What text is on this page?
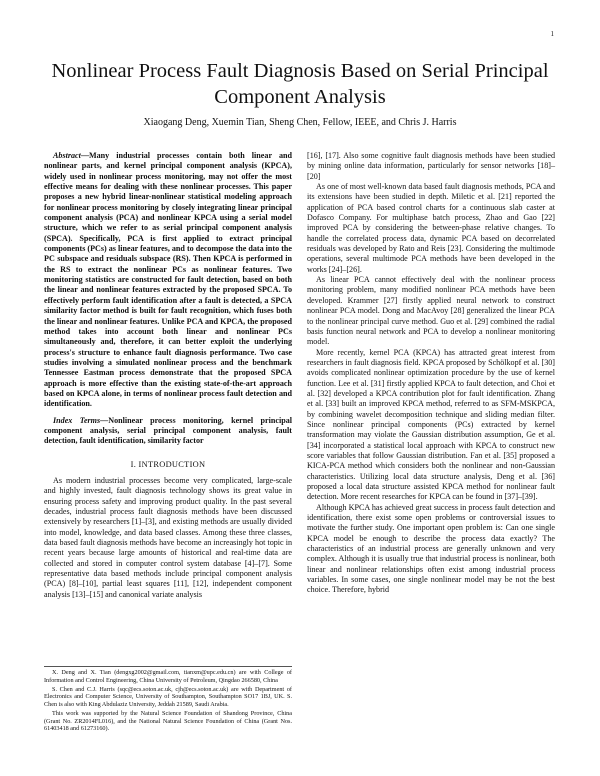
1
Nonlinear Process Fault Diagnosis Based on Serial Principal Component Analysis
Xiaogang Deng, Xuemin Tian, Sheng Chen, Fellow, IEEE, and Chris J. Harris

Abstract—Many industrial processes contain both linear and nonlinear parts, and kernel principal component analysis (KPCA), widely used in nonlinear process monitoring, may not offer the most effective means for dealing with these nonlinear processes. This paper proposes a new hybrid linear-nonlinear statistical modeling approach for nonlinear process monitoring by closely integrating linear principal component analysis (PCA) and nonlinear KPCA using a serial model structure, which we refer to as serial principal component analysis (SPCA). Specifically, PCA is first applied to extract principal components (PCs) as linear features, and to decompose the data into the PC subspace and residuals subspace (RS). Then KPCA is performed in the RS to extract the nonlinear PCs as nonlinear features. Two monitoring statistics are constructed for fault detection, based on both the linear and nonlinear features extracted by the proposed SPCA. To effectively perform fault identification after a fault is detected, a SPCA similarity factor method is built for fault recognition, which fuses both the linear and nonlinear features. Unlike PCA and KPCA, the proposed method takes into account both linear and nonlinear PCs simultaneously and, therefore, it can better exploit the underlying process's structure to enhance fault diagnosis performance. Two case studies involving a simulated nonlinear process and the benchmark Tennessee Eastman process demonstrate that the proposed SPCA approach is more effective than the existing state-of-the-art approach based on KPCA alone, in terms of nonlinear process fault detection and identification.

Index Terms—Nonlinear process monitoring, kernel principal component analysis, serial principal component analysis, fault detection, fault identification, similarity factor

I. INTRODUCTION

As modern industrial processes become very complicated, large-scale and highly invested, fault diagnosis technology shows its great value in ensuring process safety and improving product quality. In the past several decades, industrial process fault diagnosis methods have been discussed extensively by researchers [1]–[3], and existing methods are usually divided into model, knowledge, and data based classes. Among these three classes, data based fault diagnosis methods have become an increasingly hot topic in recent years because large amounts of historical and real-time data are collected and stored in computer control system database [4]–[7]. Some representative data based methods include principal component analysis (PCA) [8]–[10], partial least squares [11], [12], independent component analysis [13]–[15] and canonical variate analysis

X. Deng and X. Tian (dengxg2002@gmail.com, tianxm@upc.edu.cn) are with College of Information and Control Engineering, China University of Petroleum, Qingdao 266580, China

S. Chen and C.J. Harris (sqc@ecs.soton.ac.uk, cjh@ecs.soton.ac.uk) are with Department of Electronics and Computer Science, University of Southampton, Southampton SO17 1BJ, UK. S. Chen is also with King Abdulaziz University, Jeddah 21589, Saudi Arabia.

This work was supported by the Natural Science Foundation of Shandong Province, China (Grant No. ZR2014FL016), and the National Natural Science Foundation of China (Grant Nos. 61403418 and 61273160).

[16], [17]. Also some cognitive fault diagnosis methods have been studied by mining online data information, particularly for sensor networks [18]–[20]

As one of most well-known data based fault diagnosis methods, PCA and its extensions have been studied in depth. Miletic et al. [21] reported the application of PCA based control charts for a continuous slab caster at Dofasco Company. For multiphase batch process, Zhao and Gao [22] improved PCA by considering the between-phase relative changes. To handle the correlated process data, dynamic PCA based on decorrelated residuals was developed by Rato and Reis [23]. Considering the multimode operations, several multimode PCA methods have been developed in the works [24]–[26].

As linear PCA cannot effectively deal with the nonlinear process monitoring problem, many modified nonlinear PCA methods have been developed. Krammer [27] firstly applied neural network to construct nonlinear PCA model. Dong and MacAvoy [28] generalized the linear PCA to the nonlinear principal curve method. Guo et al. [29] combined the radial basis function neural network and PCA to develop a nonlinear monitoring model.

More recently, kernel PCA (KPCA) has attracted great interest from researchers in fault diagnosis field. KPCA proposed by Schölkopf et al. [30] avoids complicated nonlinear optimization procedure by the use of kernel function. Lee et al. [31] firstly applied KPCA to fault detection, and Choi et al. [32] developed a KPCA contribution plot for fault identification. Zhang et al. [33] built an improved KPCA method, referred to as SFM-MSKPCA, by combining wavelet decomposition technique and sliding median filter. Since nonlinear principal components (PCs) extracted by kernel transformation may violate the Gaussian distribution assumption, Ge et al. [34] incorporated a statistical local approach with KPCA to construct new score variables that follow Gaussian distribution. Fan et al. [35] proposed a KICA-PCA method which considers both the nonlinear and non-Gaussian characteristics. Utilizing local data structure analysis, Deng et al. [36] proposed a local data structure assisted KPCA method for nonlinear fault detection. More recent researches for KPCA can be found in [37]–[39].

Although KPCA has achieved great success in process fault detection and identification, there exist some open problems or controversial issues to motivate the further study. One important open problem is: Can one single KPCA model be enough to describe the process data exactly? The characteristics of an industrial process are generally unknown and very complex. Although it is usually true that industrial process is nonlinear, both linear and nonlinear relationships often exist among industrial process variables. In some cases, one single nonlinear model may be not the best choice. Therefore, hybrid
